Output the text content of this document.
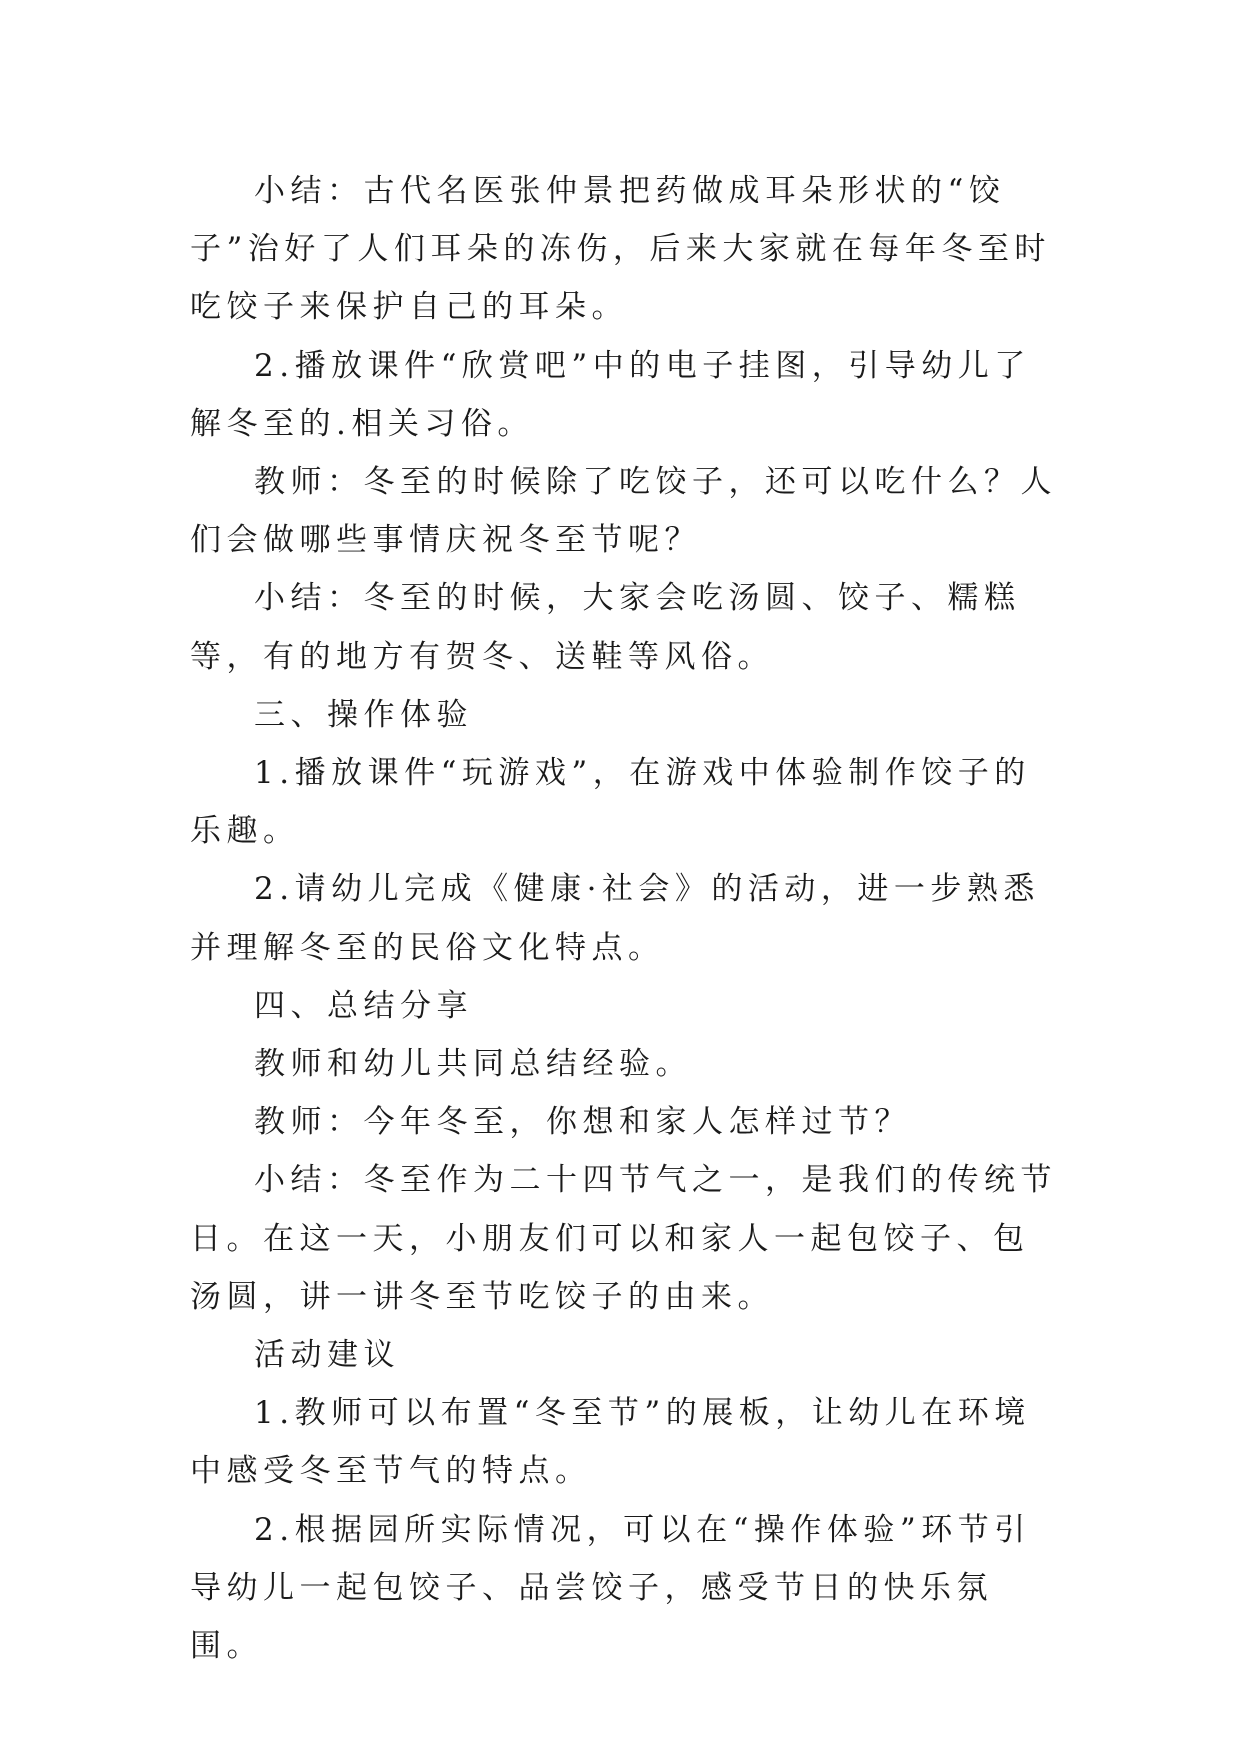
小结：古代名医张仲景把药做成耳朵形状的“饺子”治好了人们耳朵的冻伤，后来大家就在每年冬至时吃饺子来保护自己的耳朵。

2.播放课件“欣赏吧”中的电子挂图，引导幼儿了解冬至的.相关习俗。

教师：冬至的时候除了吃饺子，还可以吃什么？人们会做哪些事情庆祝冬至节呢？

小结：冬至的时候，大家会吃汤圆、饺子、糯糕等，有的地方有贺冬、送鞋等风俗。

三、操作体验

1.播放课件“玩游戏”，在游戏中体验制作饺子的乐趣。

2.请幼儿完成《健康·社会》的活动，进一步熟悉并理解冬至的民俗文化特点。

四、总结分享

教师和幼儿共同总结经验。

教师：今年冬至，你想和家人怎样过节？

小结：冬至作为二十四节气之一，是我们的传统节日。在这一天，小朋友们可以和家人一起包饺子、包汤圆，讲一讲冬至节吃饺子的由来。

活动建议

1.教师可以布置“冬至节”的展板，让幼儿在环境中感受冬至节气的特点。

2.根据园所实际情况，可以在“操作体验”环节引导幼儿一起包饺子、品尝饺子，感受节日的快乐氛围。
